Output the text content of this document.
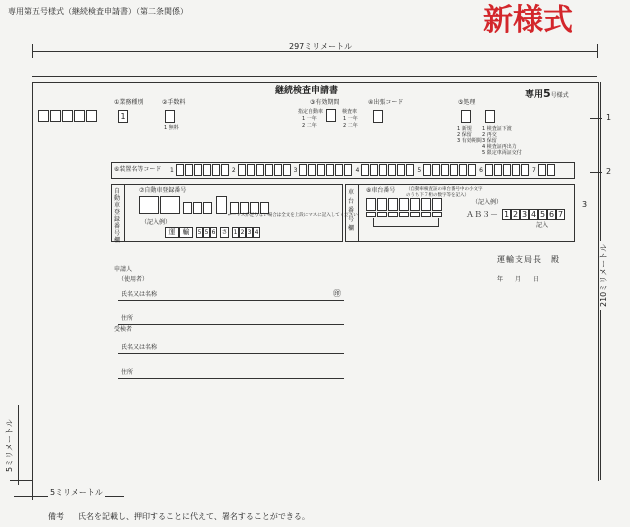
専用第五号様式（継続検査申請書）（第二条関係）	新様式
297ミリメートル
210ミリメートル
1
2
3
継続検査申請書	専用5号様式
①業務種別
1
②手数料
1 無料
③有効期間
指定自動車
1 一年
2 二年
検査車
1 一年
2 二年
④出張コード	⑤処理
1 新規
2 保留
3 有効期間
1 検査証下渡
2 再交
3 保留
4 検査証再出力
5 限定車両証交付
⑥装置名等コード 1	2	3	4	5	6	7
自動車登録番号欄
⑦自動車登録番号
←一マスが足りない場合は全文を上段にマスに記入してください
（記入例）
運	輸	5 5 6 さ 1 2 3 4
車台番号欄
⑧車台番号 （自動車検査証の車台番号中の小文字のうち下７桁の数字等を記入）
（記入例）
ＡＢ３－ 1 2 3 4 5 6 7
記入
運輸支局長　殿
年　　月　　日
申請人
（使用者）
氏名又は名称	㊞
住所
受検者
氏名又は名称
住所
5ミリメートル
5ミリメートル
備考 氏名を記載し、押印することに代えて、署名することができる。
